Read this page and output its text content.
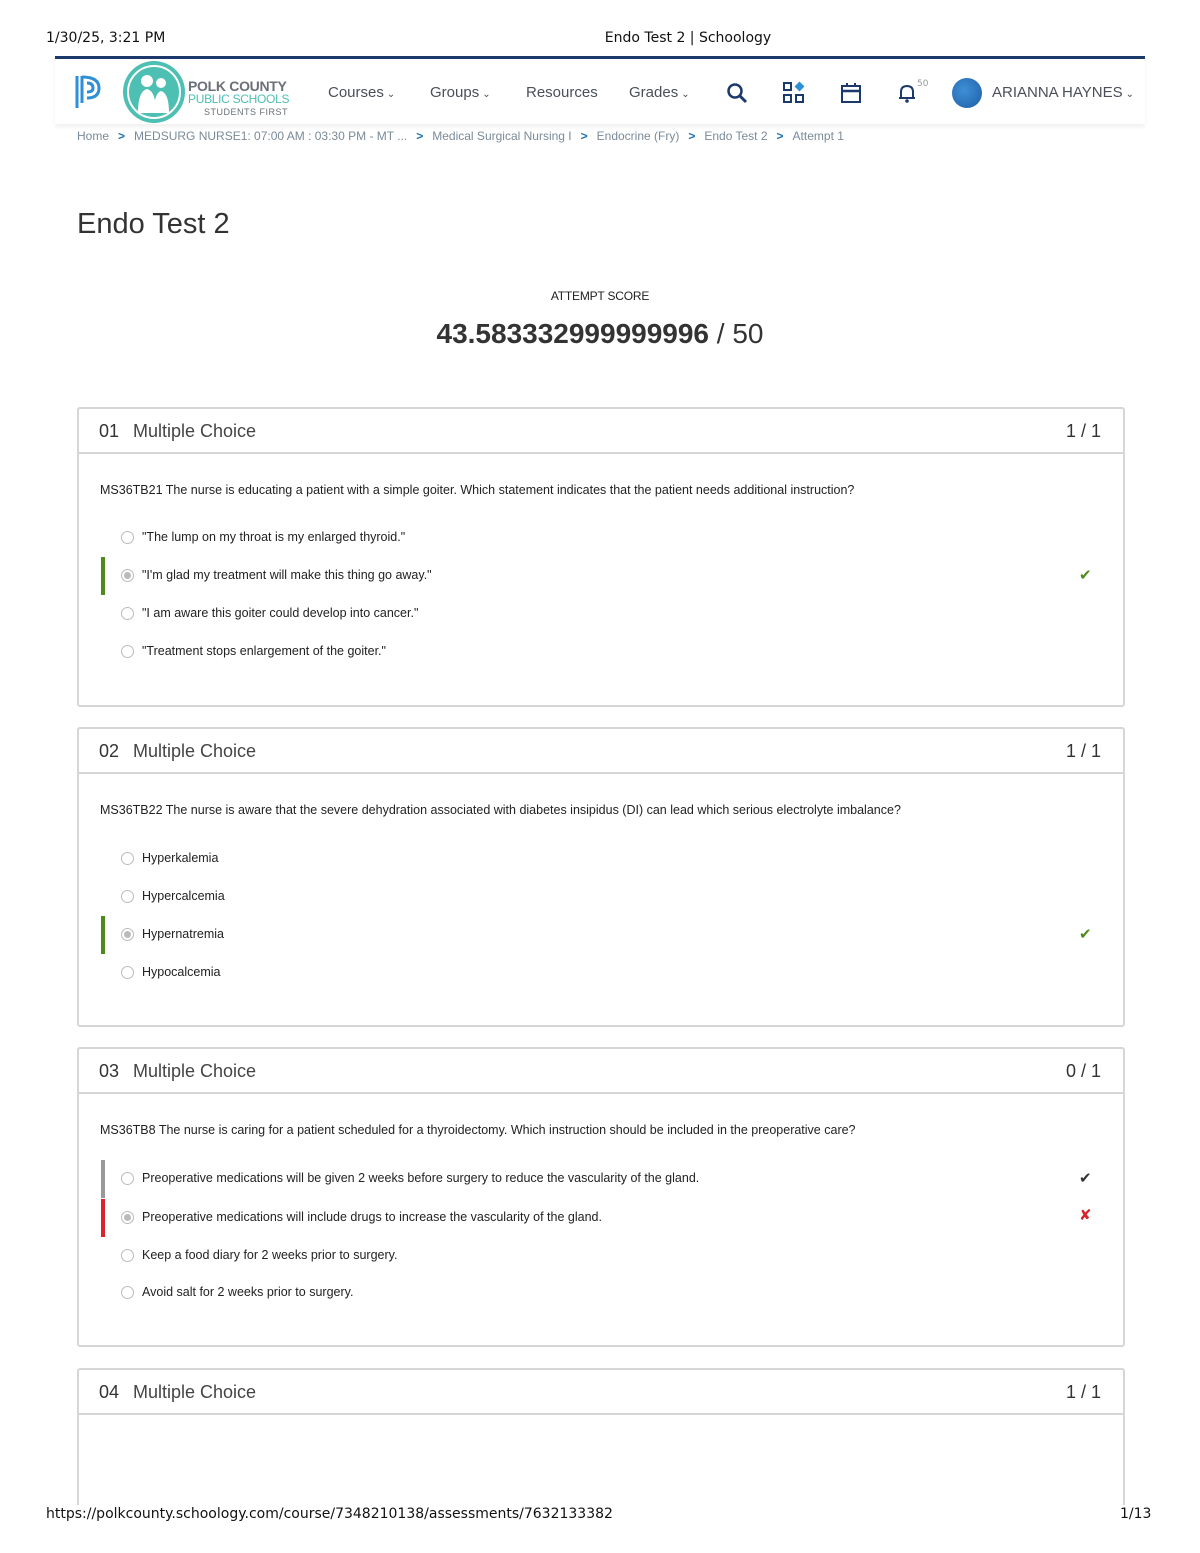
1/30/25, 3:21 PM	Endo Test 2 | Schoology
POLK COUNTY
PUBLIC SCHOOLS
STUDENTS FIRST
Courses ⌄ Groups ⌄ Resources Grades ⌄
50	ARIANNA HAYNES ⌄
Home > MEDSURG NURSE1: 07:00 AM : 03:30 PM - MT ... > Medical Surgical Nursing I > Endocrine (Fry) > Endo Test 2 > Attempt 1
Endo Test 2
ATTEMPT SCORE
43.583332999999996 / 50
01 Multiple Choice	1 / 1
MS36TB21 The nurse is educating a patient with a simple goiter. Which statement indicates that the patient needs additional instruction?
"The lump on my throat is my enlarged thyroid."
"I'm glad my treatment will make this thing go away."	✔
"I am aware this goiter could develop into cancer."
"Treatment stops enlargement of the goiter."
02 Multiple Choice	1 / 1
MS36TB22 The nurse is aware that the severe dehydration associated with diabetes insipidus (DI) can lead which serious electrolyte imbalance?
Hyperkalemia
Hypercalcemia
Hypernatremia	✔
Hypocalcemia
03 Multiple Choice	0 / 1
MS36TB8 The nurse is caring for a patient scheduled for a thyroidectomy. Which instruction should be included in the preoperative care?
Preoperative medications will be given 2 weeks before surgery to reduce the vascularity of the gland.	✔
Preoperative medications will include drugs to increase the vascularity of the gland.	✘
Keep a food diary for 2 weeks prior to surgery.
Avoid salt for 2 weeks prior to surgery.
04 Multiple Choice	1 / 1
https://polkcounty.schoology.com/course/7348210138/assessments/7632133382	1/13
